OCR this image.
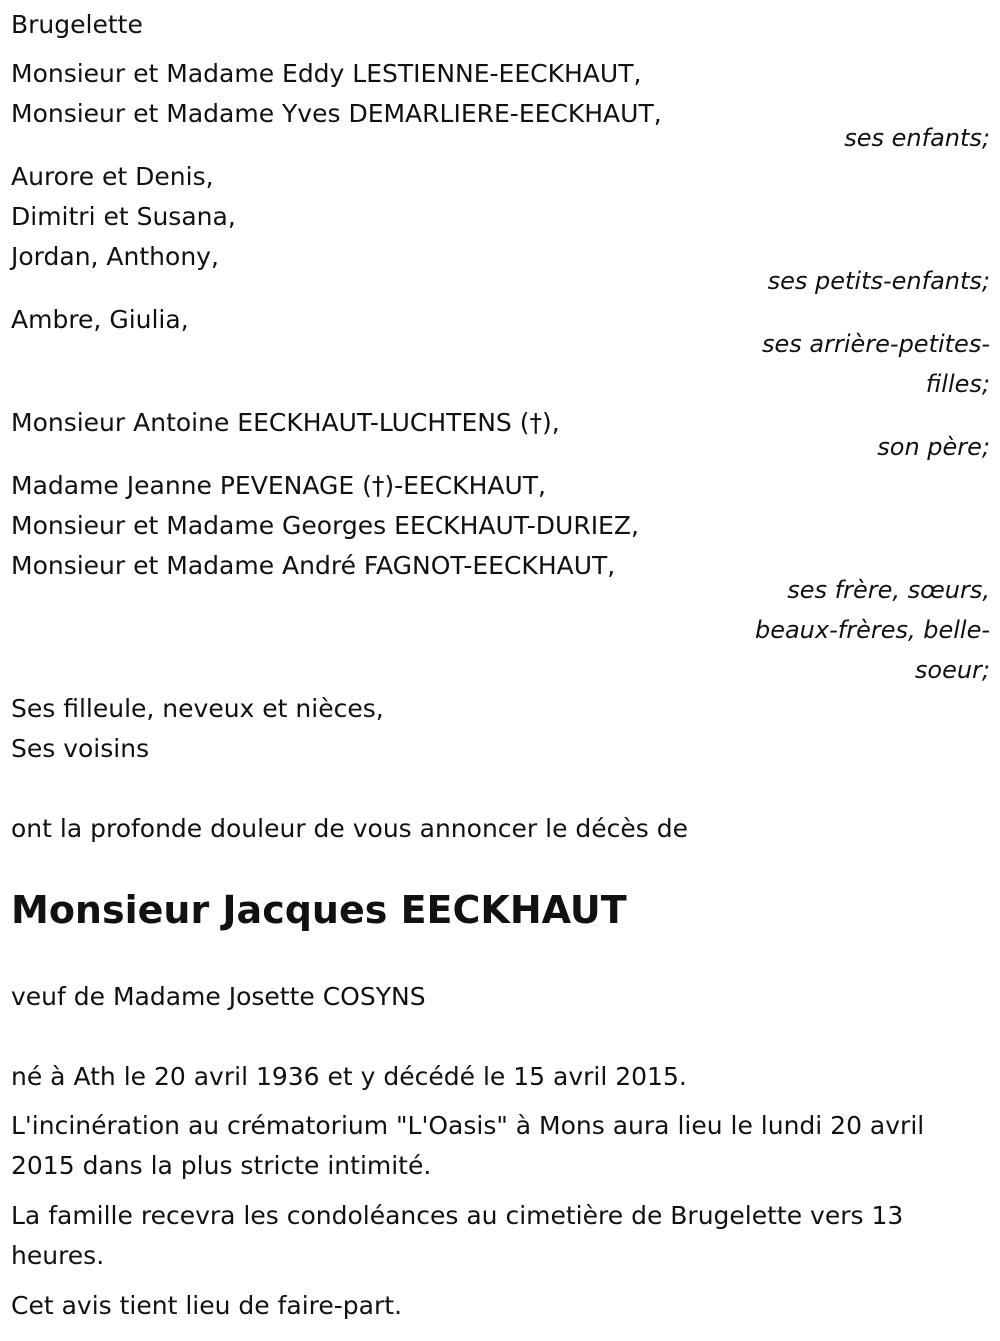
Brugelette

Monsieur et Madame Eddy LESTIENNE-EECKHAUT,

Monsieur et Madame Yves DEMARLIERE-EECKHAUT,

ses enfants;

Aurore et Denis,

Dimitri et Susana,

Jordan, Anthony,

ses petits-enfants;

Ambre, Giulia,

ses arrière-petites-

filles;

Monsieur Antoine EECKHAUT-LUCHTENS (†),

son père;

Madame Jeanne PEVENAGE (†)-EECKHAUT,

Monsieur et Madame Georges EECKHAUT-DURIEZ,

Monsieur et Madame André FAGNOT-EECKHAUT,

ses frère, sœurs,

beaux-frères, belle-

soeur;

Ses filleule, neveux et nièces,

Ses voisins

ont la profonde douleur de vous annoncer le décès de

Monsieur Jacques EECKHAUT

veuf de Madame Josette COSYNS

né à Ath le 20 avril 1936 et y décédé le 15 avril 2015.

L'incinération au crématorium "L'Oasis" à Mons aura lieu le lundi 20 avril 2015 dans la plus stricte intimité.

La famille recevra les condoléances au cimetière de Brugelette vers 13 heures.

Cet avis tient lieu de faire-part.
